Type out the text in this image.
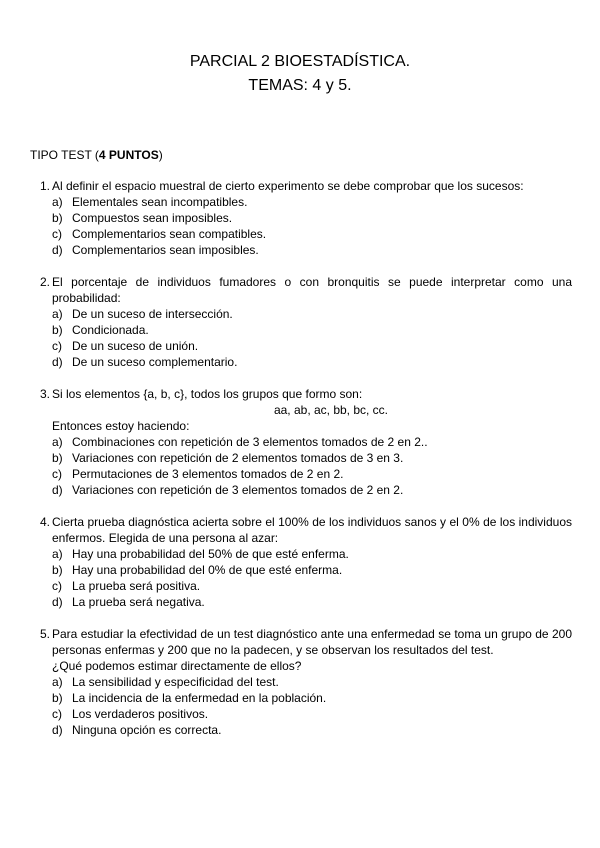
PARCIAL 2 BIOESTADÍSTICA.
TEMAS: 4 y 5.
TIPO TEST (4 PUNTOS)
1. Al definir el espacio muestral de cierto experimento se debe comprobar que los sucesos:
a) Elementales sean incompatibles.
b) Compuestos sean imposibles.
c) Complementarios sean compatibles.
d) Complementarios sean imposibles.
2. El porcentaje de individuos fumadores o con bronquitis se puede interpretar como una probabilidad:
a) De un suceso de intersección.
b) Condicionada.
c) De un suceso de unión.
d) De un suceso complementario.
3. Si los elementos {a, b, c}, todos los grupos que formo son:
aa, ab, ac, bb, bc, cc.
Entonces estoy haciendo:
a) Combinaciones con repetición de 3 elementos tomados de 2 en 2..
b) Variaciones con repetición de 2 elementos tomados de 3 en 3.
c) Permutaciones de 3 elementos tomados de 2 en 2.
d) Variaciones con repetición de 3 elementos tomados de 2 en 2.
4. Cierta prueba diagnóstica acierta sobre el 100% de los individuos sanos y el 0% de los individuos enfermos. Elegida de una persona al azar:
a) Hay una probabilidad del 50% de que esté enferma.
b) Hay una probabilidad del 0% de que esté enferma.
c) La prueba será positiva.
d) La prueba será negativa.
5. Para estudiar la efectividad de un test diagnóstico ante una enfermedad se toma un grupo de 200 personas enfermas y 200 que no la padecen, y se observan los resultados del test.
¿Qué podemos estimar directamente de ellos?
a) La sensibilidad y especificidad del test.
b) La incidencia de la enfermedad en la población.
c) Los verdaderos positivos.
d) Ninguna opción es correcta.
